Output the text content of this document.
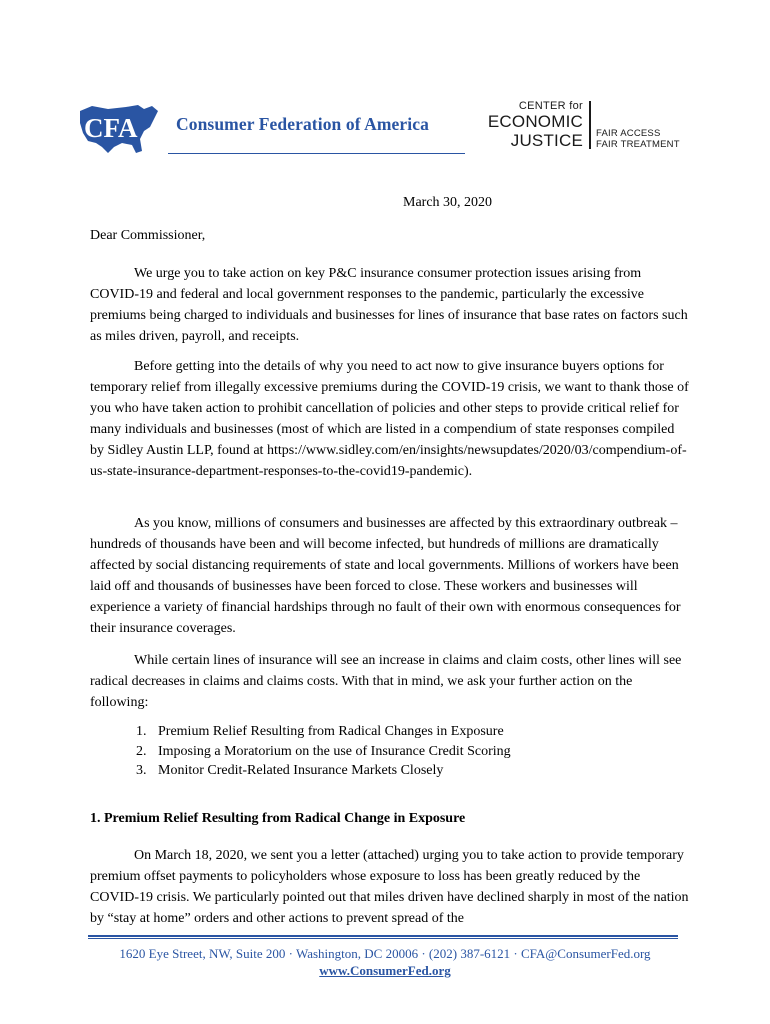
CFA Consumer Federation of America
CENTER for
ECONOMIC
JUSTICE FAIR ACCESS
FAIR TREATMENT
March 30, 2020
Dear Commissioner,

We urge you to take action on key P&C insurance consumer protection issues arising from COVID-19 and federal and local government responses to the pandemic, particularly the excessive premiums being charged to individuals and businesses for lines of insurance that base rates on factors such as miles driven, payroll, and receipts.

Before getting into the details of why you need to act now to give insurance buyers options for temporary relief from illegally excessive premiums during the COVID-19 crisis, we want to thank those of you who have taken action to prohibit cancellation of policies and other steps to provide critical relief for many individuals and businesses (most of which are listed in a compendium of state responses compiled by Sidley Austin LLP, found at https://www.sidley.com/en/insights/newsupdates/2020/03/compendium-of-us-state-insurance-department-responses-to-the-covid19-pandemic).

As you know, millions of consumers and businesses are affected by this extraordinary outbreak – hundreds of thousands have been and will become infected, but hundreds of millions are dramatically affected by social distancing requirements of state and local governments. Millions of workers have been laid off and thousands of businesses have been forced to close. These workers and businesses will experience a variety of financial hardships through no fault of their own with enormous consequences for their insurance coverages.

While certain lines of insurance will see an increase in claims and claim costs, other lines will see radical decreases in claims and claims costs. With that in mind, we ask your further action on the following:

1. Premium Relief Resulting from Radical Changes in Exposure
2. Imposing a Moratorium on the use of Insurance Credit Scoring
3. Monitor Credit-Related Insurance Markets Closely
1. Premium Relief Resulting from Radical Change in Exposure

On March 18, 2020, we sent you a letter (attached) urging you to take action to provide temporary premium offset payments to policyholders whose exposure to loss has been greatly reduced by the COVID-19 crisis. We particularly pointed out that miles driven have declined sharply in most of the nation by “stay at home” orders and other actions to prevent spread of the

1620 Eye Street, NW, Suite 200 · Washington, DC 20006 · (202) 387-6121 · CFA@ConsumerFed.org
www.ConsumerFed.org
